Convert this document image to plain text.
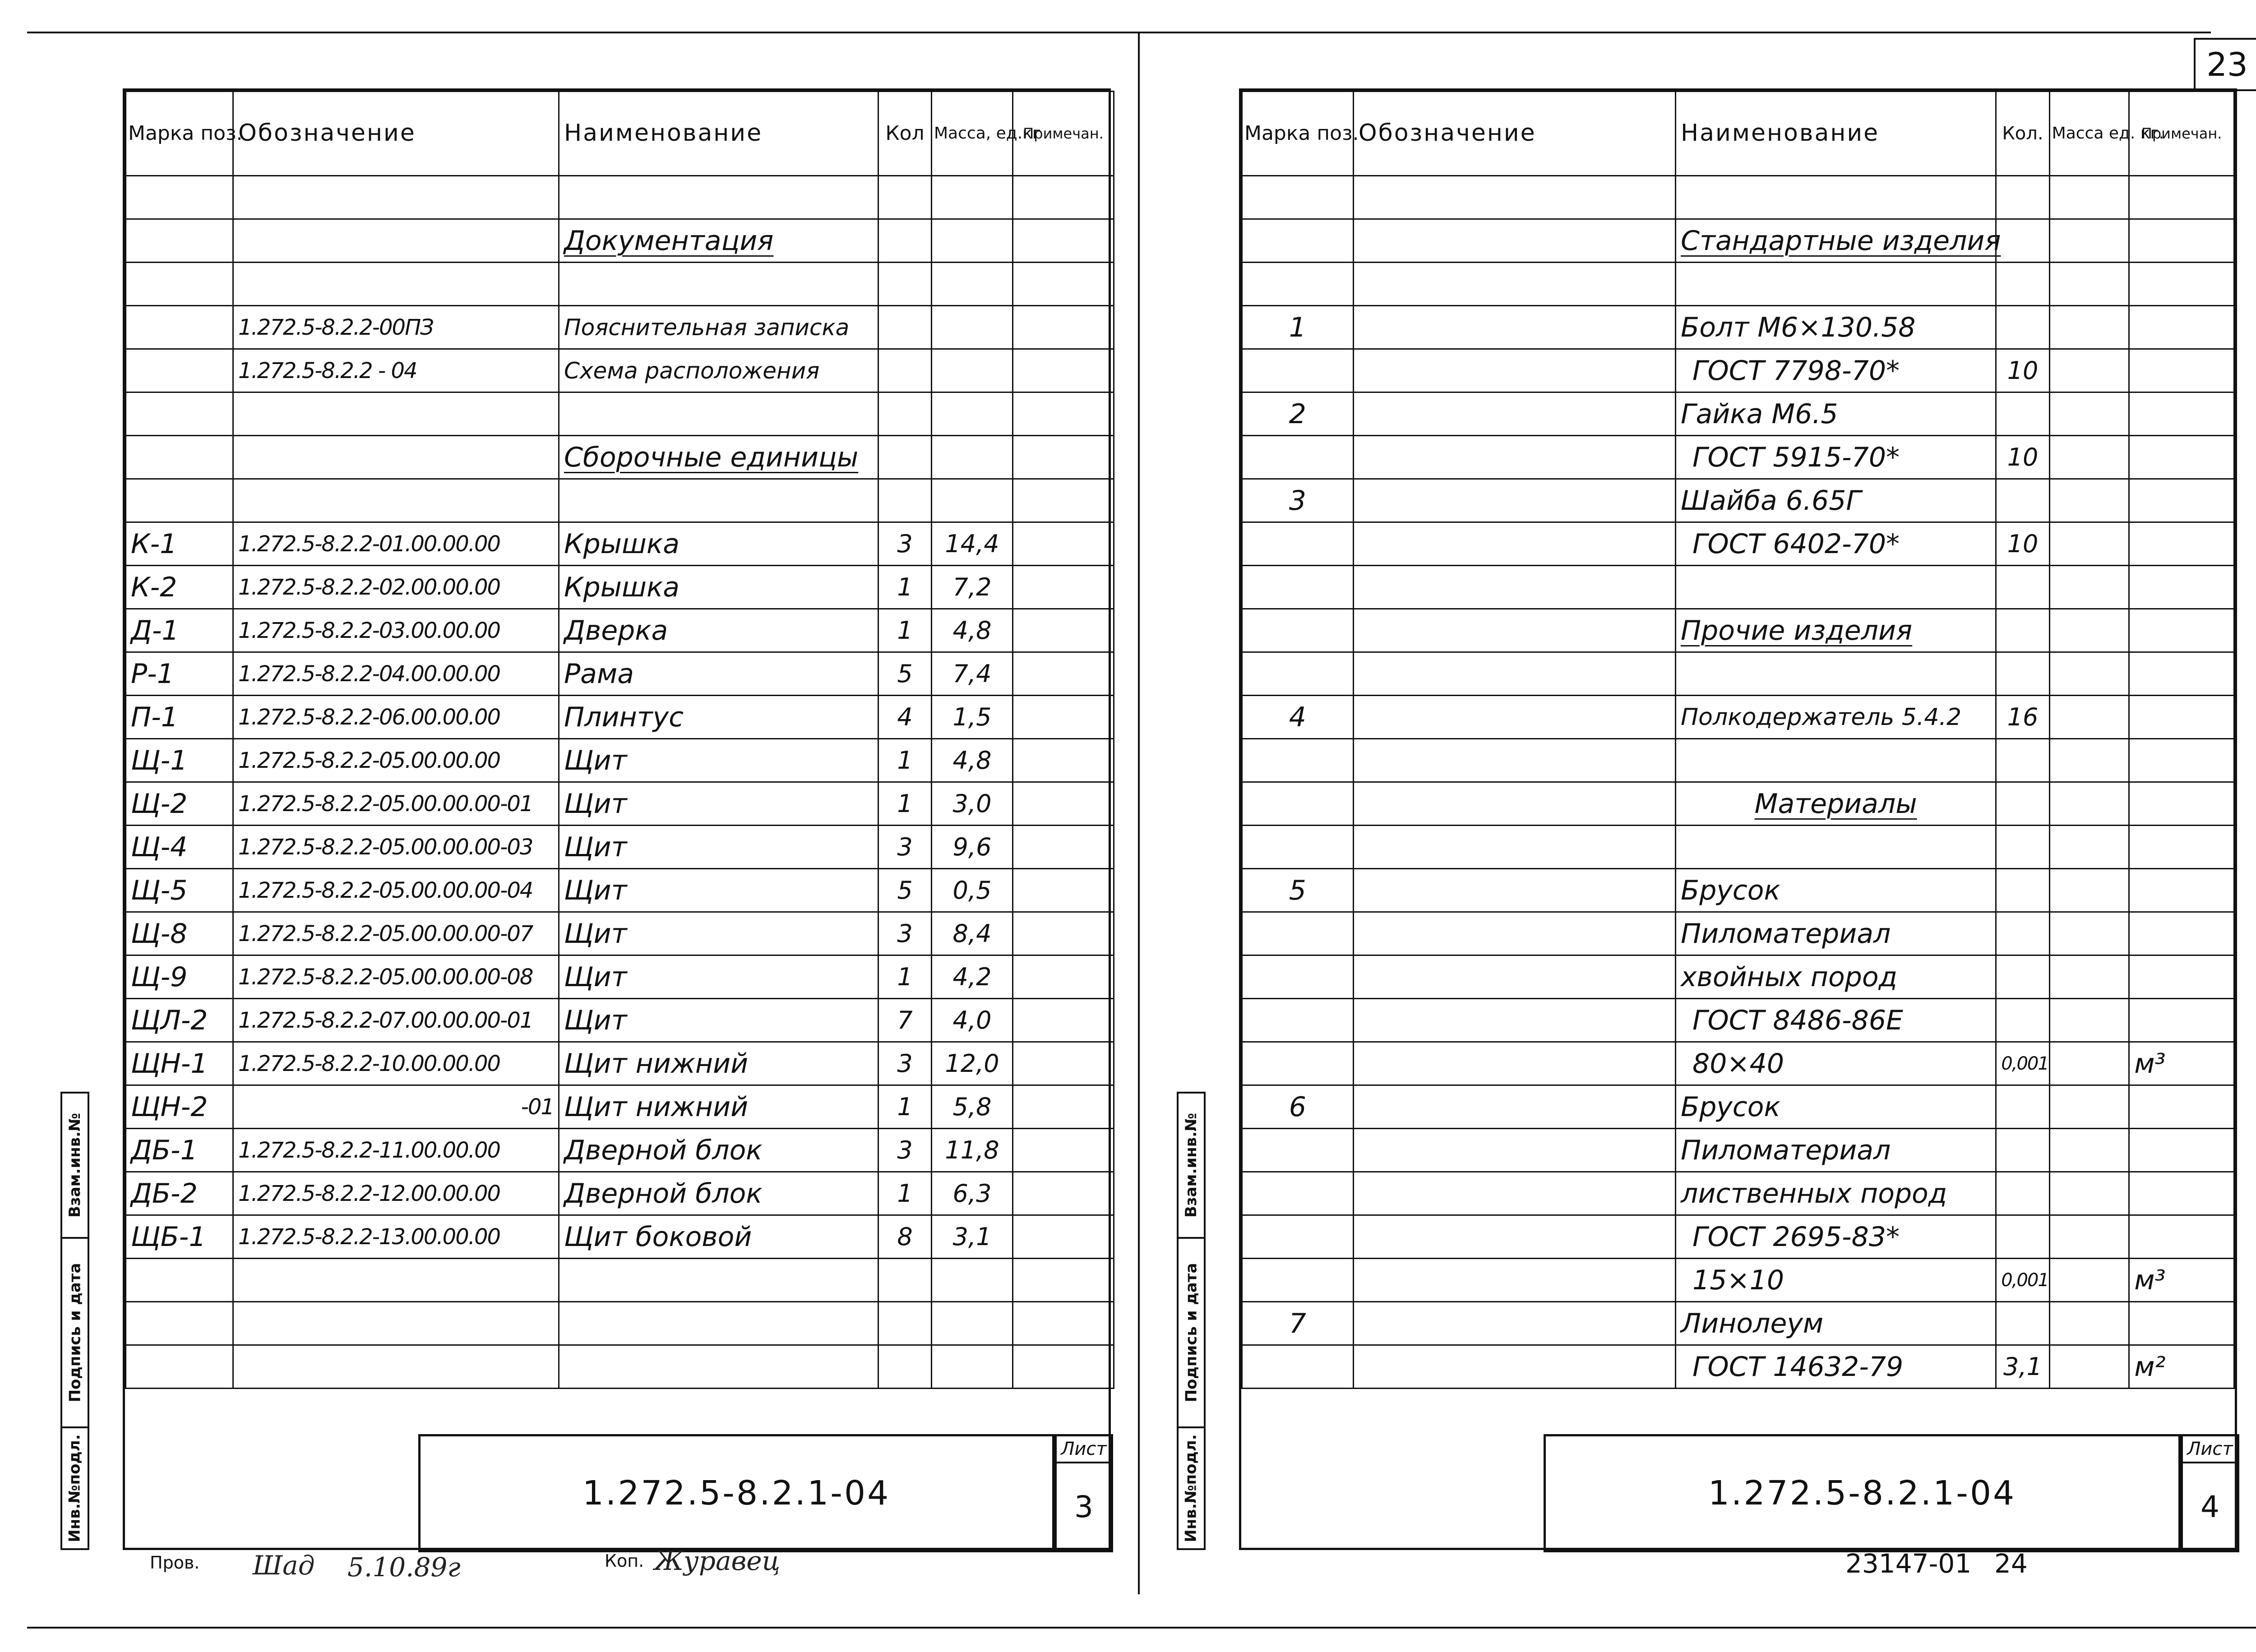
23
Марка поз.	Обозначение	Наименование	Кол	Масса, ед.кг	Примечан.

		Документация			

	1.272.5-8.2.2-00ПЗ	Пояснительная записка			
	1.272.5-8.2.2 - 04	Схема расположения			

		Сборочные единицы			

К-1	1.272.5-8.2.2-01.00.00.00	Крышка	3	14,4	
К-2	1.272.5-8.2.2-02.00.00.00	Крышка	1	7,2	
Д-1	1.272.5-8.2.2-03.00.00.00	Дверка	1	4,8	
Р-1	1.272.5-8.2.2-04.00.00.00	Рама	5	7,4	
П-1	1.272.5-8.2.2-06.00.00.00	Плинтус	4	1,5	
Щ-1	1.272.5-8.2.2-05.00.00.00	Щит	1	4,8	
Щ-2	1.272.5-8.2.2-05.00.00.00-01	Щит	1	3,0	
Щ-4	1.272.5-8.2.2-05.00.00.00-03	Щит	3	9,6	
Щ-5	1.272.5-8.2.2-05.00.00.00-04	Щит	5	0,5	
Щ-8	1.272.5-8.2.2-05.00.00.00-07	Щит	3	8,4	
Щ-9	1.272.5-8.2.2-05.00.00.00-08	Щит	1	4,2	
ЩЛ-2	1.272.5-8.2.2-07.00.00.00-01	Щит	7	4,0	
ЩН-1	1.272.5-8.2.2-10.00.00.00	Щит нижний	3	12,0	
ЩН-2	-01	Щит нижний	1	5,8	
ДБ-1	1.272.5-8.2.2-11.00.00.00	Дверной блок	3	11,8	
ДБ-2	1.272.5-8.2.2-12.00.00.00	Дверной блок	1	6,3	
ЩБ-1	1.272.5-8.2.2-13.00.00.00	Щит боковой	8	3,1	

1.272.5-8.2.1-04
Лист
3
Взам.инв.№
Подпись и дата
Инв.№подл.
Пров. Шад 5.10.89г	Коп. Журавец
Марка поз.	Обозначение	Наименование	Кол.	Масса ед. кг.	Примечан.

		Стандартные изделия			

1		Болт М6×130.58			
		ГОСТ 7798-70*	10		
2		Гайка М6.5			
		ГОСТ 5915-70*	10		
3		Шайба 6.65Г			
		ГОСТ 6402-70*	10		

		Прочие изделия			

4		Полкодержатель 5.4.2	16		

		Материалы			

5		Брусок			
		Пиломатериал			
		хвойных пород			
		ГОСТ 8486-86Е			
		80×40	0,001		м³
6		Брусок			
		Пиломатериал			
		лиственных пород			
		ГОСТ 2695-83*			
		15×10	0,001		м³
7		Линолеум			
		ГОСТ 14632-79	3,1		м²
1.272.5-8.2.1-04
Лист
4
Взам.инв.№
Подпись и дата
Инв.№подл.
23147-01 24
